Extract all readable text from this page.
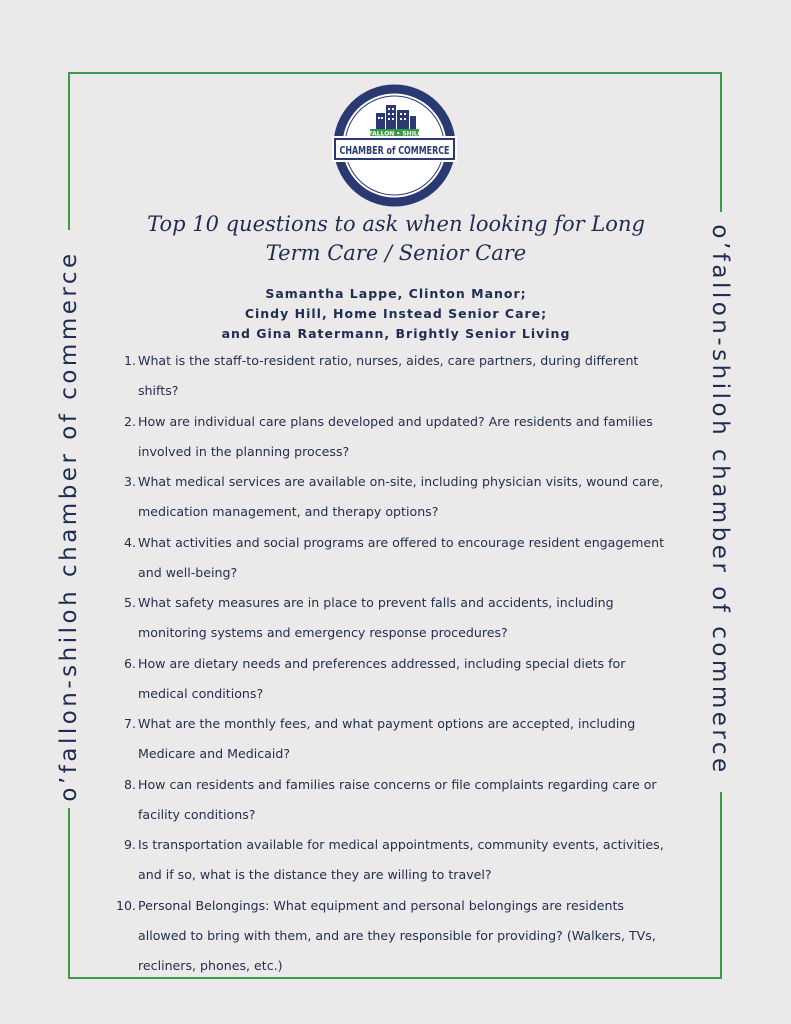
o’fallon-shiloh chamber of commerce	o’fallon-shiloh chamber of commerce
O’FALLON • SHILOH
CHAMBER of COMMERCE
Top 10 questions to ask when looking for Long Term Care / Senior Care
Samantha Lappe, Clinton Manor;
Cindy Hill, Home Instead Senior Care;
and Gina Ratermann, Brightly Senior Living
1. What is the staff-to-resident ratio, nurses, aides, care partners, during different shifts?
2. How are individual care plans developed and updated? Are residents and families involved in the planning process?
3. What medical services are available on-site, including physician visits, wound care, medication management, and therapy options?
4. What activities and social programs are offered to encourage resident engagement and well-being?
5. What safety measures are in place to prevent falls and accidents, including monitoring systems and emergency response procedures?
6. How are dietary needs and preferences addressed, including special diets for medical conditions?
7. What are the monthly fees, and what payment options are accepted, including Medicare and Medicaid?
8. How can residents and families raise concerns or file complaints regarding care or facility conditions?
9. Is transportation available for medical appointments, community events, activities, and if so, what is the distance they are willing to travel?
10. Personal Belongings: What equipment and personal belongings are residents allowed to bring with them, and are they responsible for providing? (Walkers, TVs, recliners, phones, etc.)
